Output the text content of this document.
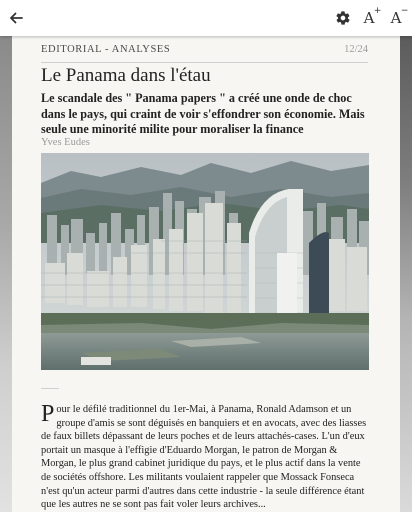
A + A −
EDITORIAL - ANALYSES	12/24
Le Panama dans l'étau

Le scandale des " Panama papers " a créé une onde de choc dans le pays, qui craint de voir s'effondrer son économie. Mais seule une minorité milite pour moraliser la finance

Yves Eudes

Pour le défilé traditionnel du 1er-Mai, à Panama, Ronald Adamson et un groupe d'amis se sont déguisés en banquiers et en avocats, avec des liasses de faux billets dépassant de leurs poches et de leurs attachés-cases. L'un d'eux portait un masque à l'effigie d'Eduardo Morgan, le patron de Morgan & Morgan, le plus grand cabinet juridique du pays, et le plus actif dans la vente de sociétés offshore. Les militants voulaient rappeler que Mossack Fonseca n'est qu'un acteur parmi d'autres dans cette industrie - la seule différence étant que les autres ne se sont pas fait voler leurs archives...
